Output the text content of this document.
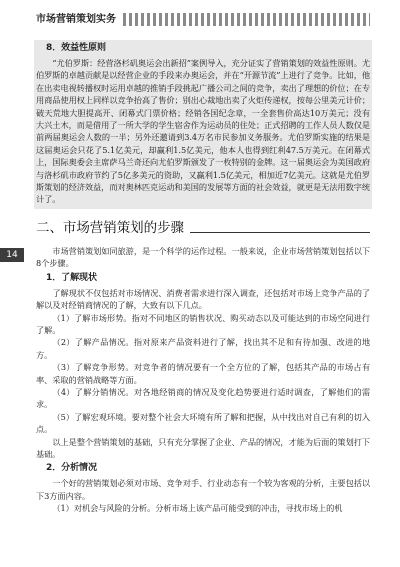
市场营销策划实务
14
8．效益性原则

“尤伯罗斯：经营洛杉矶奥运会出新招”案例导入，充分证实了营销策划的效益性原则。尤伯罗斯的卓越贡献是以经营企业的手段来办奥运会，并在“开源节流”上进行了竞争。比如，他在出卖电视转播权时运用卓越的推销手段挑起广播公司之间的竞争，卖出了理想的价位；在专用商品使用权上同样以竞争抬高了售价；别出心裁地出卖了火炬传递权，按每公里美元计价；破天荒地大胆提高开、闭幕式门票价格；经销各国纪念章，一全套售价高达10万美元；没有大兴土木，而是借用了一所大学的学生宿舍作为运动员的住处；正式招聘的工作人员人数仅是前两届奥运会人数的一半；另外还邀请到3.4万名市民参加义务服务。尤伯罗斯实施的结果是这届奥运会只花了5.1亿美元，却赢利1.5亿美元，他本人也得到红利47.5万美元。在闭幕式上，国际奥委会主席萨马兰奇还向尤伯罗斯颁发了一枚特别的金牌。这一届奥运会为美国政府与洛杉矶市政府节约了5亿多美元的资助，又赢利1.5亿美元，相加近7亿美元。这就是尤伯罗斯策划的经济效益，而对奥林匹克运动和美国的发展等方面的社会效益，就更是无法用数字统计了。

二、市场营销策划的步骤

市场营销策划如同旅游，是一个科学的运作过程。一般来说，企业市场营销策划包括以下8个步骤。

1．了解现状

了解现状不仅包括对市场情况、消费者需求进行深入调查，还包括对市场上竞争产品的了解以及对经销商情况的了解，大致有以下几点。

（1）了解市场形势。指对不同地区的销售状况、购买动态以及可能达到的市场空间进行了解。

（2）了解产品情况。指对原来产品资料进行了解，找出其不足和有待加强、改进的地方。

（3）了解竞争形势。对竞争者的情况要有一个全方位的了解，包括其产品的市场占有率、采取的营销战略等方面。

（4）了解分销情况。对各地经销商的情况及变化趋势要进行适时调查，了解他们的需求。

（5）了解宏观环境。要对整个社会大环境有所了解和把握，从中找出对自己有利的切入点。

以上是整个营销策划的基础，只有充分掌握了企业、产品的情况，才能为后面的策划打下基础。

2．分析情况

一个好的营销策划必须对市场、竞争对手、行业动态有一个较为客观的分析，主要包括以下3方面内容。

（1）对机会与风险的分析。分析市场上该产品可能受到的冲击，寻找市场上的机
